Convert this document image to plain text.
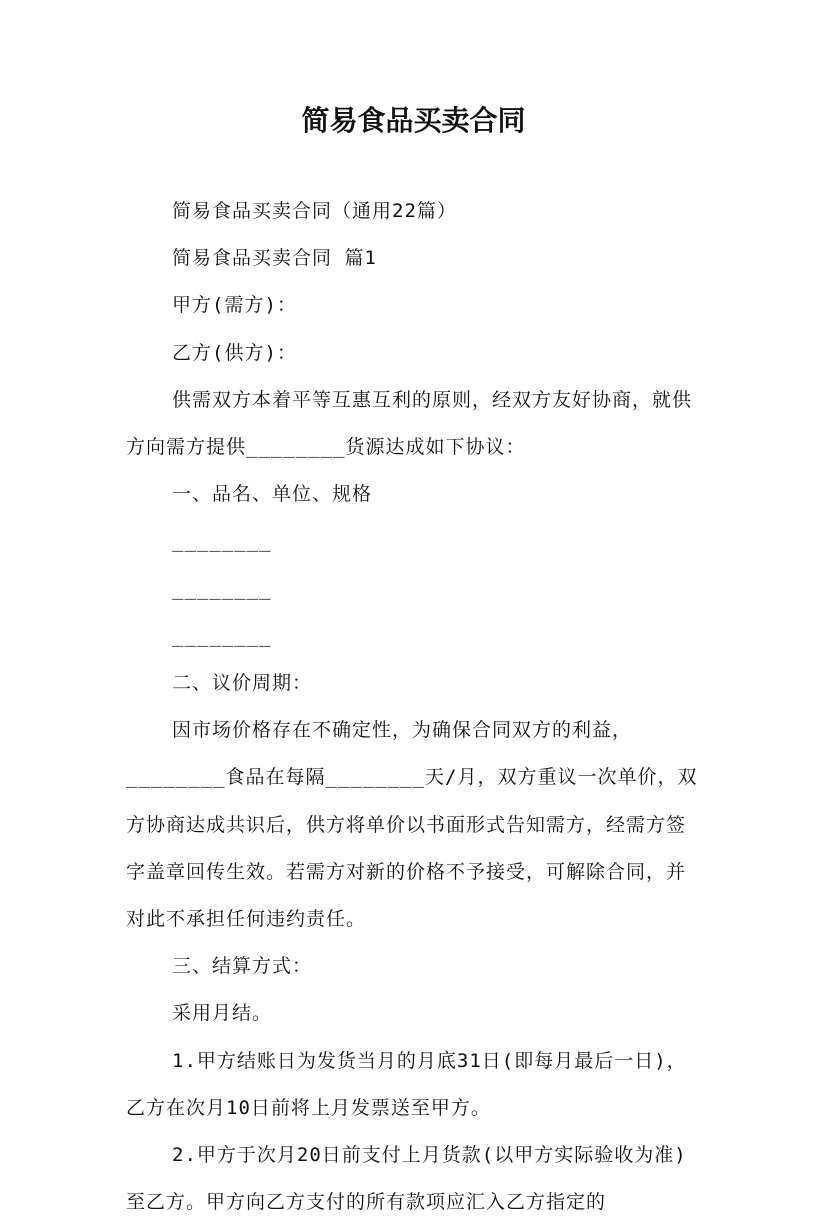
简易食品买卖合同

简易食品买卖合同（通用22篇）

简易食品买卖合同 篇1

甲方(需方)：

乙方(供方)：

供需双方本着平等互惠互利的原则，经双方友好协商，就供方向需方提供________货源达成如下协议：

一、品名、单位、规格

________

________

________

二、议价周期：

因市场价格存在不确定性，为确保合同双方的利益，

________食品在每隔________天/月，双方重议一次单价，双方协商达成共识后，供方将单价以书面形式告知需方，经需方签字盖章回传生效。若需方对新的价格不予接受，可解除合同，并对此不承担任何违约责任。

三、结算方式：

采用月结。

1.甲方结账日为发货当月的月底31日(即每月最后一日)，乙方在次月10日前将上月发票送至甲方。

2.甲方于次月20日前支付上月货款(以甲方实际验收为准)至乙方。甲方向乙方支付的所有款项应汇入乙方指定的
